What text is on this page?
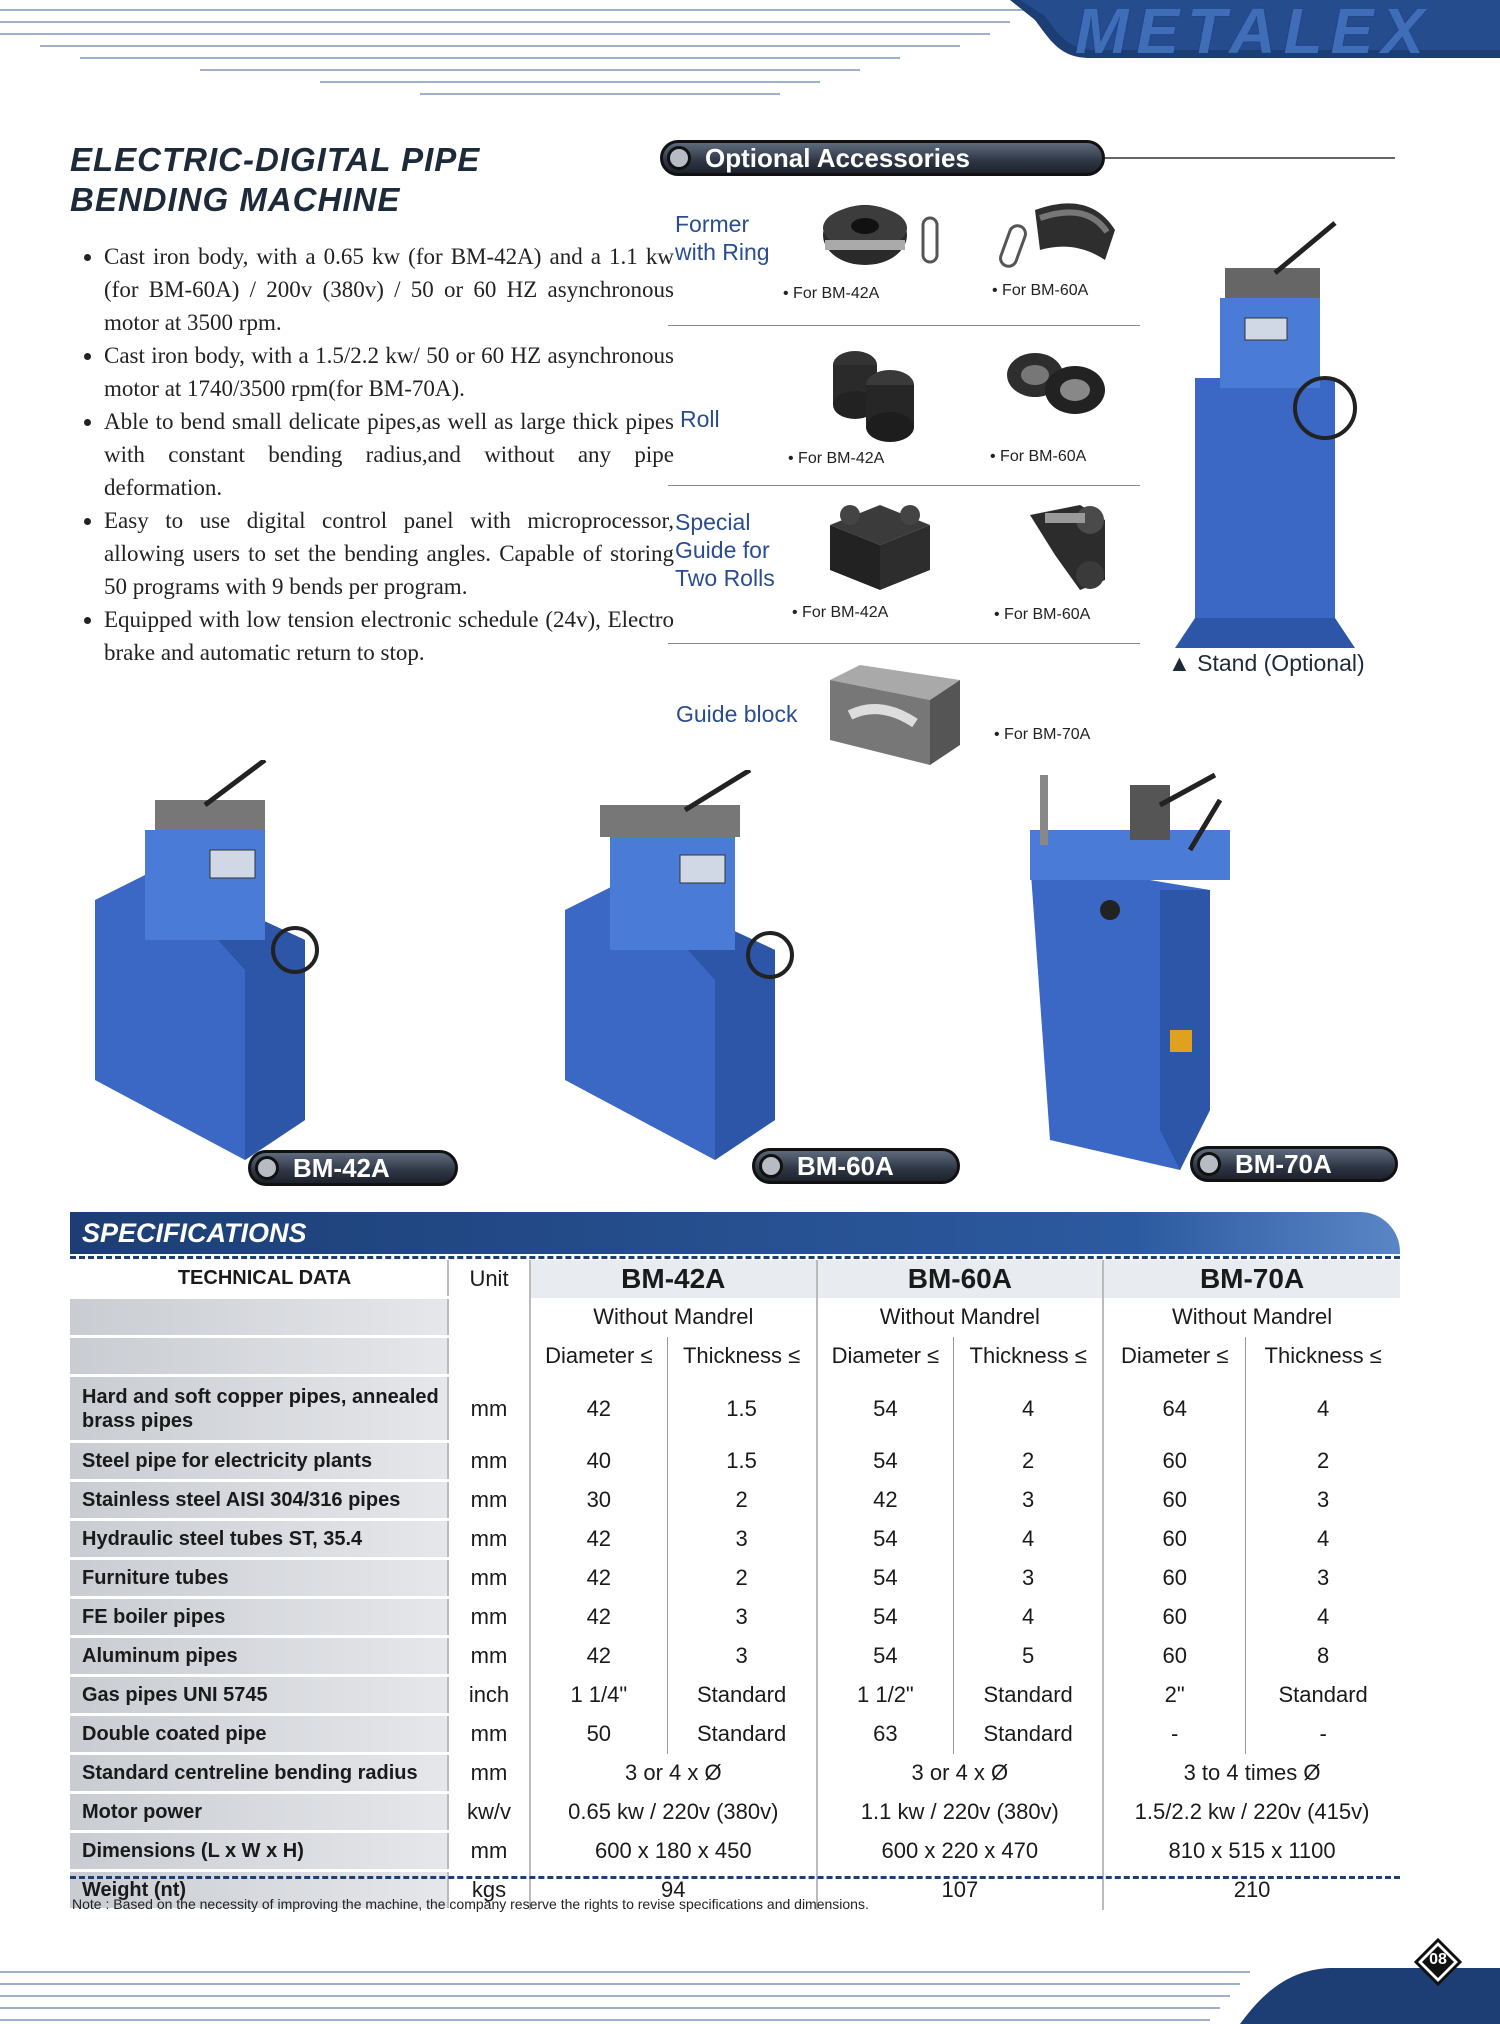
METALEX
ELECTRIC-DIGITAL PIPE
BENDING MACHINE
• Cast iron body, with a 0.65 kw (for BM-42A) and a 1.1 kw (for BM-60A) / 200v (380v) / 50 or 60 HZ asynchronous motor at 3500 rpm.
• Cast iron body, with a 1.5/2.2 kw/ 50 or 60 HZ asynchronous motor at 1740/3500 rpm(for BM-70A).
• Able to bend small delicate pipes,as well as large thick pipes with constant bending radius,and without any pipe deformation.
• Easy to use digital control panel with microprocessor, allowing users to set the bending angles. Capable of storing 50 programs with 9 bends per program.
• Equipped with low tension electronic schedule (24v), Electro brake and automatic return to stop.
Optional Accessories
Former with Ring
• For BM-42A	• For BM-60A
Roll
• For BM-42A	• For BM-60A
Special Guide for Two Rolls
• For BM-42A	• For BM-60A
Guide block
• For BM-70A
▲ Stand (Optional)
BM-42A	BM-60A	BM-70A
SPECIFICATIONS
TECHNICAL DATA	Unit	BM-42A		BM-60A		BM-70A	
		Without Mandrel		Without Mandrel		Without Mandrel	
		Diameter ≤	Thickness ≤	Diameter ≤	Thickness ≤	Diameter ≤	Thickness ≤
Hard and soft copper pipes, annealed brass pipes	mm	42	1.5	54	4	64	4
Steel pipe for electricity plants	mm	40	1.5	54	2	60	2
Stainless steel AISI 304/316 pipes	mm	30	2	42	3	60	3
Hydraulic steel tubes ST, 35.4	mm	42	3	54	4	60	4
Furniture tubes	mm	42	2	54	3	60	3
FE boiler pipes	mm	42	3	54	4	60	4
Aluminum pipes	mm	42	3	54	5	60	8
Gas pipes UNI 5745	inch	1 1/4"	Standard	1 1/2"	Standard	2"	Standard
Double coated pipe	mm	50	Standard	63	Standard	-	-
Standard centreline bending radius	mm	3 or 4 x Ø		3 or 4 x Ø		3 to 4 times Ø	
Motor power	kw/v	0.65 kw / 220v (380v)		1.1 kw / 220v (380v)		1.5/2.2 kw / 220v (415v)	
Dimensions (L x W x H)	mm	600 x 180 x 450		600 x 220 x 470		810 x 515 x 1100	
Weight (nt)	kgs	94		107		210	
Note : Based on the necessity of improving the machine, the company reserve the rights to revise specifications and dimensions.
08
